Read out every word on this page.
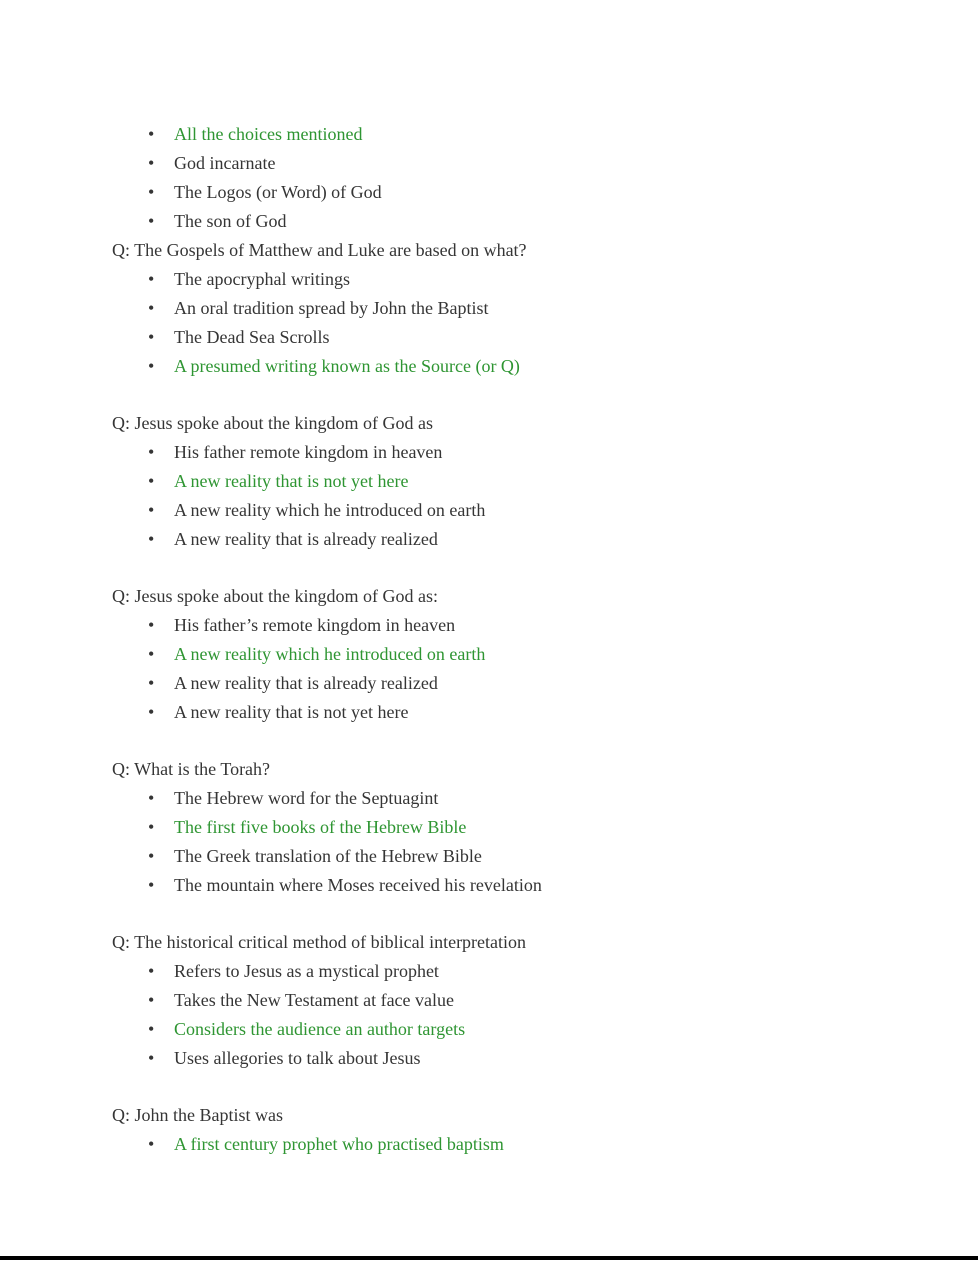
•	All the choices mentioned
•	God incarnate
•	The Logos (or Word) of God
•	The son of God
Q: The Gospels of Matthew and Luke are based on what?
•	The apocryphal writings
•	An oral tradition spread by John the Baptist
•	The Dead Sea Scrolls
•	A presumed writing known as the Source (or Q)
Q: Jesus spoke about the kingdom of God as
•	His father remote kingdom in heaven
•	A new reality that is not yet here
•	A new reality which he introduced on earth
•	A new reality that is already realized
Q: Jesus spoke about the kingdom of God as:
•	His father’s remote kingdom in heaven
•	A new reality which he introduced on earth
•	A new reality that is already realized
•	A new reality that is not yet here
Q: What is the Torah?
•	The Hebrew word for the Septuagint
•	The first five books of the Hebrew Bible
•	The Greek translation of the Hebrew Bible
•	The mountain where Moses received his revelation
Q: The historical critical method of biblical interpretation
•	Refers to Jesus as a mystical prophet
•	Takes the New Testament at face value
•	Considers the audience an author targets
•	Uses allegories to talk about Jesus
Q: John the Baptist was
•	A first century prophet who practised baptism
